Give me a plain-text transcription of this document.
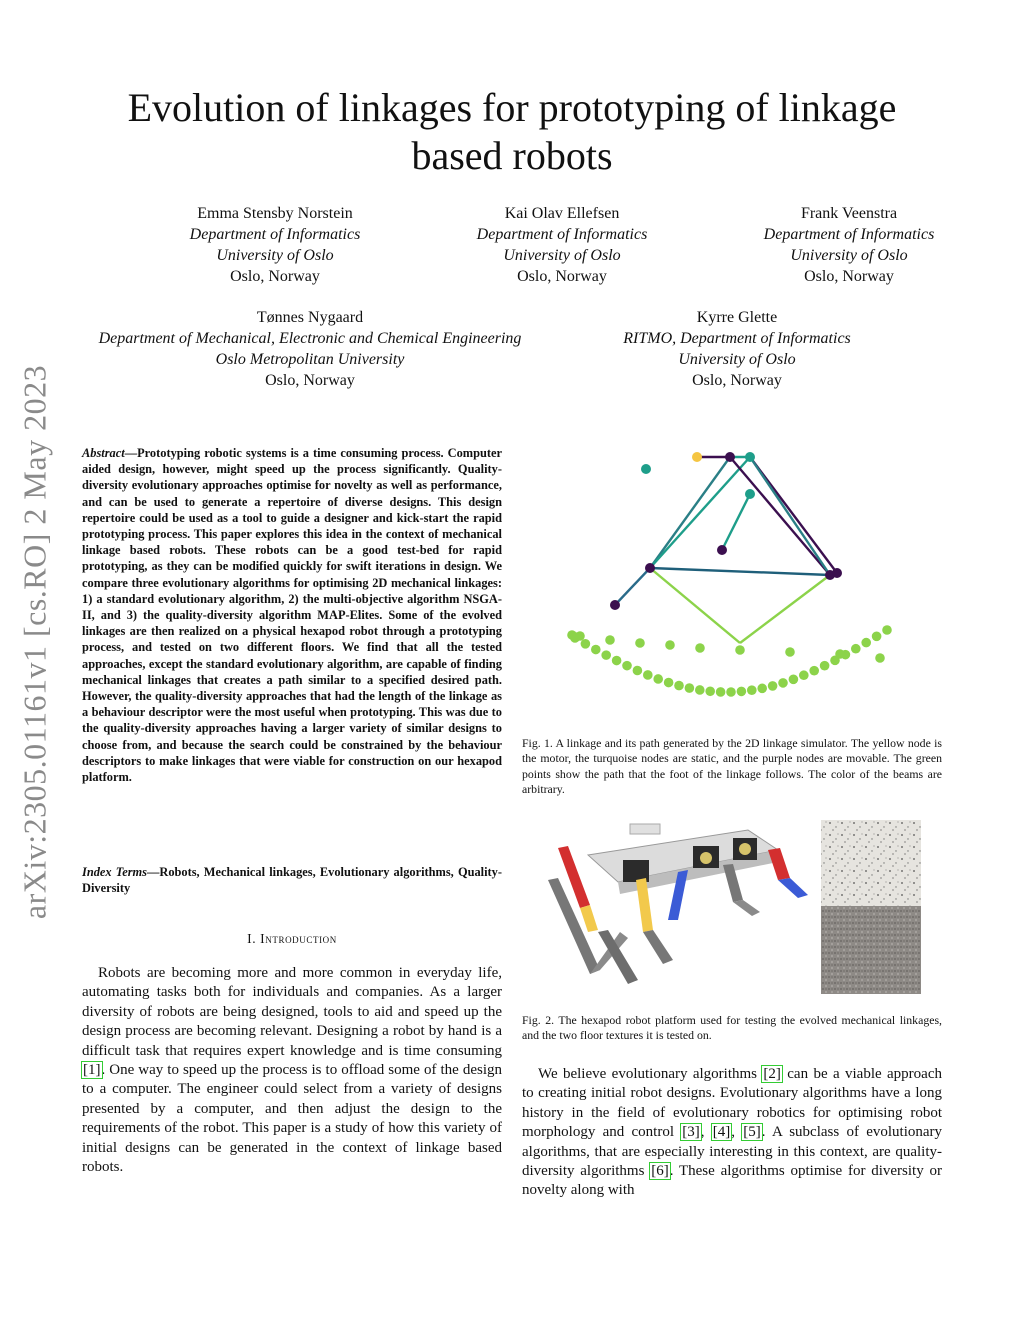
arXiv:2305.01161v1 [cs.RO] 2 May 2023
Evolution of linkages for prototyping of linkage based robots
Emma Stensby Norstein
Department of Informatics
University of Oslo
Oslo, Norway
Kai Olav Ellefsen
Department of Informatics
University of Oslo
Oslo, Norway
Frank Veenstra
Department of Informatics
University of Oslo
Oslo, Norway
Tønnes Nygaard
Department of Mechanical, Electronic and Chemical Engineering
Oslo Metropolitan University
Oslo, Norway
Kyrre Glette
RITMO, Department of Informatics
University of Oslo
Oslo, Norway
Abstract—Prototyping robotic systems is a time consuming process. Computer aided design, however, might speed up the process significantly. Quality-diversity evolutionary approaches optimise for novelty as well as performance, and can be used to generate a repertoire of diverse designs. This design repertoire could be used as a tool to guide a designer and kick-start the rapid prototyping process. This paper explores this idea in the context of mechanical linkage based robots. These robots can be a good test-bed for rapid prototyping, as they can be modified quickly for swift iterations in design. We compare three evolutionary algorithms for optimising 2D mechanical linkages: 1) a standard evolutionary algorithm, 2) the multi-objective algorithm NSGA-II, and 3) the quality-diversity algorithm MAP-Elites. Some of the evolved linkages are then realized on a physical hexapod robot through a prototyping process, and tested on two different floors. We find that all the tested approaches, except the standard evolutionary algorithm, are capable of finding mechanical linkages that creates a path similar to a specified desired path. However, the quality-diversity approaches that had the length of the linkage as a behaviour descriptor were the most useful when prototyping. This was due to the quality-diversity approaches having a larger variety of similar designs to choose from, and because the search could be constrained by the behaviour descriptors to make linkages that were viable for construction on our hexapod platform.
Index Terms—Robots, Mechanical linkages, Evolutionary algorithms, Quality-Diversity
I. Introduction
Robots are becoming more and more common in everyday life, automating tasks both for individuals and companies. As a larger diversity of robots are being designed, tools to aid and speed up the design process are becoming relevant. Designing a robot by hand is a difficult task that requires expert knowledge and is time consuming [1]. One way to speed up the process is to offload some of the design to a computer. The engineer could select from a variety of designs presented by a computer, and then adjust the design to the requirements of the robot. This paper is a study of how this variety of initial designs can be generated in the context of linkage based robots.
Fig. 1. A linkage and its path generated by the 2D linkage simulator. The yellow node is the motor, the turquoise nodes are static, and the purple nodes are movable. The green points show the path that the foot of the linkage follows. The color of the beams are arbitrary.
Fig. 2. The hexapod robot platform used for testing the evolved mechanical linkages, and the two floor textures it is tested on.
We believe evolutionary algorithms [2] can be a viable approach to creating initial robot designs. Evolutionary algorithms have a long history in the field of evolutionary robotics for optimising robot morphology and control [3], [4], [5]. A subclass of evolutionary algorithms, that are especially interesting in this context, are quality-diversity algorithms [6]. These algorithms optimise for diversity or novelty along with
